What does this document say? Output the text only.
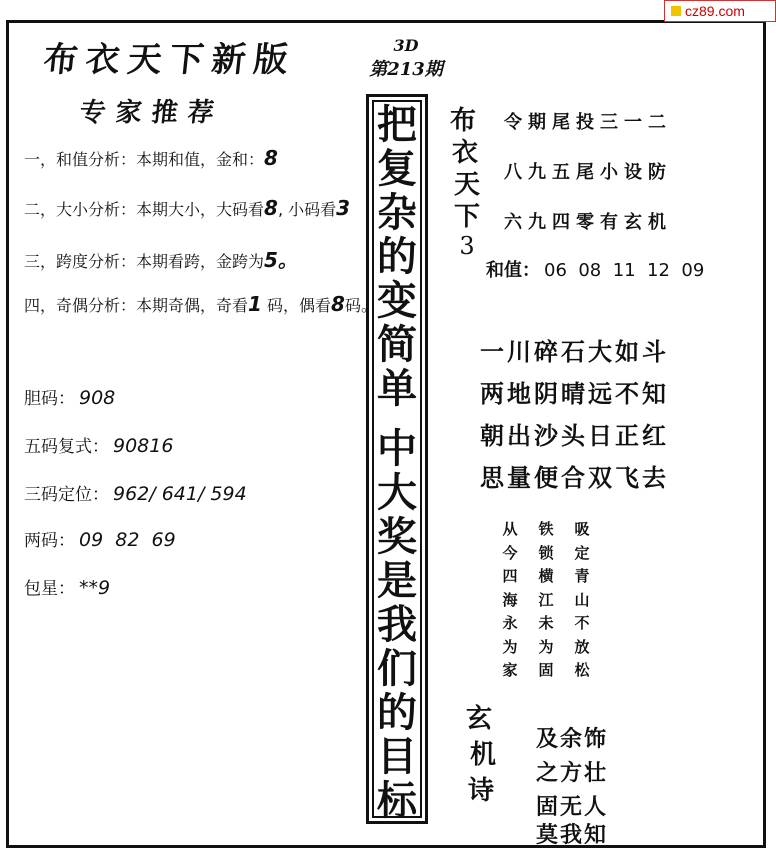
cz89.com
布衣天下新版
专家推荐
一，和值分析：本期和值，金和：8
二，大小分析：本期大小，大码看8, 小码看3
三，跨度分析：本期看跨，金跨为5。
四，奇偶分析：本期奇偶，奇看1 码，偶看8码。
胆码： 908
五码复式： 90816
三码定位： 962/ 641/ 594
两码： 09  82  69
包星： **9
3D
第213期
把
复
杂
的
变
简
单
中
大
奖
是
我
们
的
目
标
布
衣
天
下
3
令期尾投三一二
八九五尾小设防
六九四零有玄机
和值： 06  08  11  12  09
一川碎石大如斗
两地阴晴远不知
朝出沙头日正红
思量便合双飞去
从
今
四
海
永
为
家
铁
锁
横
江
未
为
固
吸
定
青
山
不
放
松
玄
机
诗
及余饰
之方壮
固无人
莫我知
